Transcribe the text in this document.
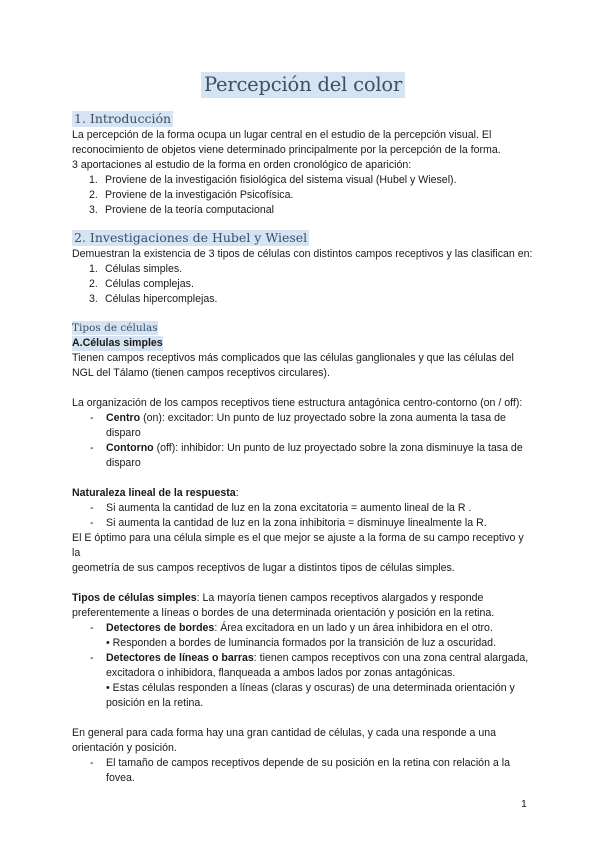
Percepción del color
1. Introducción

La percepción de la forma ocupa un lugar central en el estudio de la percepción visual. El

reconocimiento de objetos viene determinado principalmente por la percepción de la forma.

3 aportaciones al estudio de la forma en orden cronológico de aparición:

1. Proviene de la investigación fisiológica del sistema visual (Hubel y Wiesel).
2. Proviene de la investigación Psicofísica.
3. Proviene de la teoría computacional
2. Investigaciones de Hubel y Wiesel

Demuestran la existencia de 3 tipos de células con distintos campos receptivos y las clasifican en:

1. Células simples.
2. Células complejas.
3. Células hipercomplejas.
Tipos de células
A.Células simples

Tienen campos receptivos más complicados que las células ganglionales y que las células del

NGL del Tálamo (tienen campos receptivos circulares).

La organización de los campos receptivos tiene estructura antagónica centro-contorno (on / off):

- Centro (on): excitador: Un punto de luz proyectado sobre la zona aumenta la tasa de
disparo
- Contorno (off): inhibidor: Un punto de luz proyectado sobre la zona disminuye la tasa de
disparo

Naturaleza lineal de la respuesta:

- Si aumenta la cantidad de luz en la zona excitatoria = aumento lineal de la R .
- Si aumenta la cantidad de luz en la zona inhibitoria = disminuye linealmente la R.

El E óptimo para una célula simple es el que mejor se ajuste a la forma de su campo receptivo y la

geometría de sus campos receptivos de lugar a distintos tipos de células simples.

Tipos de células simples: La mayoría tienen campos receptivos alargados y responde

preferentemente a líneas o bordes de una determinada orientación y posición en la retina.

- Detectores de bordes: Área excitadora en un lado y un área inhibidora en el otro.
• Responden a bordes de luminancia formados por la transición de luz a oscuridad.
- Detectores de líneas o barras: tienen campos receptivos con una zona central alargada,
excitadora o inhibidora, flanqueada a ambos lados por zonas antagónicas.
• Estas células responden a líneas (claras y oscuras) de una determinada orientación y
posición en la retina.

En general para cada forma hay una gran cantidad de células, y cada una responde a una

orientación y posición.

- El tamaño de campos receptivos depende de su posición en la retina con relación a la
fovea.
1
